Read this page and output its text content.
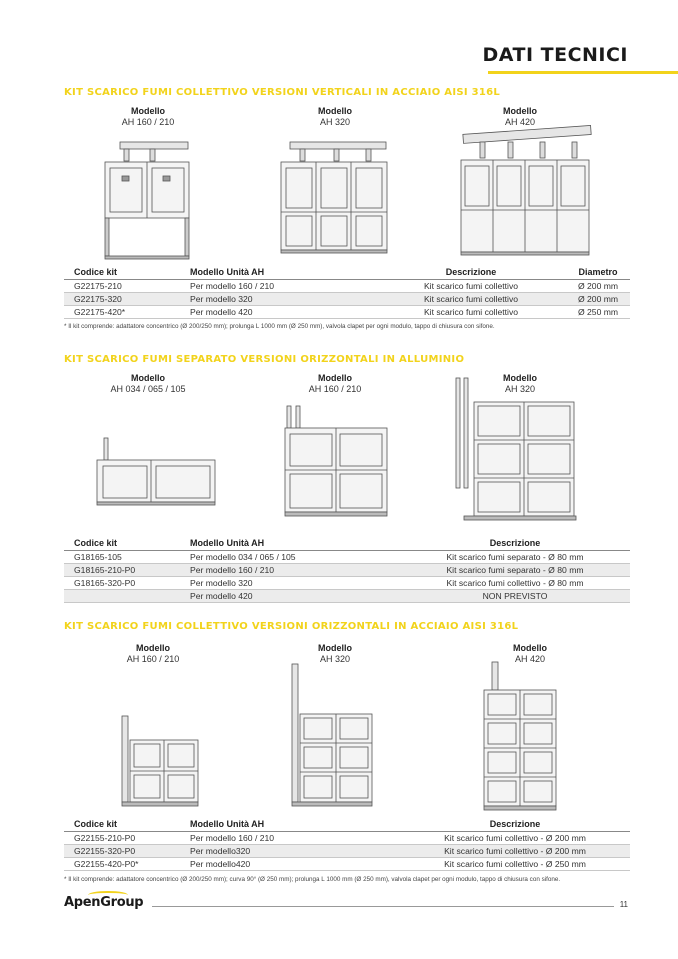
DATI TECNICI
KIT SCARICO FUMI COLLETTIVO VERSIONI VERTICALI IN ACCIAIO AISI 316L
Modello
AH 160 / 210
Modello
AH 320
Modello
AH 420
Codice kit	Modello Unità AH	Descrizione	Diametro
G22175-210	Per modello 160 / 210	Kit scarico fumi collettivo	Ø 200 mm
G22175-320	Per modello 320	Kit scarico fumi collettivo	Ø 200 mm
G22175-420*	Per modello 420	Kit scarico fumi collettivo	Ø 250 mm
* Il kit comprende: adattatore concentrico (Ø 200/250 mm); prolunga L 1000 mm (Ø 250 mm), valvola clapet per ogni modulo, tappo di chiusura con sifone.
KIT SCARICO FUMI SEPARATO VERSIONI ORIZZONTALI IN ALLUMINIO
Modello
AH 034 / 065 / 105
Modello
AH 160 / 210
Modello
AH 320
Codice kit	Modello Unità AH	Descrizione
G18165-105	Per modello 034 / 065 / 105	Kit scarico fumi separato - Ø 80 mm
G18165-210-P0	Per modello 160 / 210	Kit scarico fumi separato - Ø 80 mm
G18165-320-P0	Per modello 320	Kit scarico fumi collettivo - Ø 80 mm
	Per modello 420	NON PREVISTO
KIT SCARICO FUMI COLLETTIVO VERSIONI ORIZZONTALI IN ACCIAIO AISI 316L
Modello
AH 160 / 210
Modello
AH 320
Modello
AH 420
Codice kit	Modello Unità AH	Descrizione
G22155-210-P0	Per modello 160 / 210	Kit scarico fumi collettivo - Ø 200 mm
G22155-320-P0	Per modello320	Kit scarico fumi collettivo - Ø 200 mm
G22155-420-P0*	Per modello420	Kit scarico fumi collettivo - Ø 250 mm
* Il kit comprende: adattatore concentrico (Ø 200/250 mm); curva 90° (Ø 250 mm); prolunga L 1000 mm (Ø 250 mm), valvola clapet per ogni modulo, tappo di chiusura con sifone.
ApenGroup	11
